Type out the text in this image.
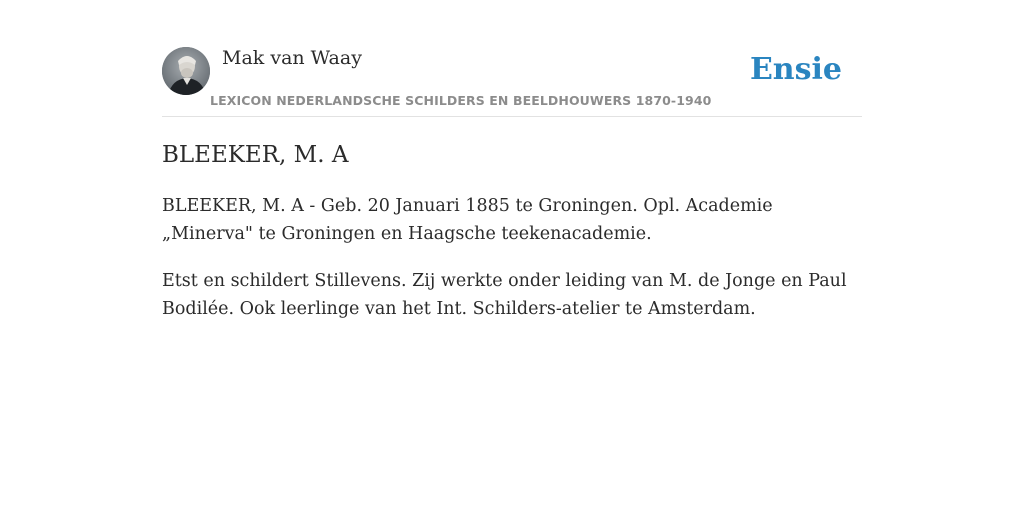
Mak van Waay
LEXICON NEDERLANDSCHE SCHILDERS EN BEELDHOUWERS 1870-1940
Ensie
BLEEKER, M. A

BLEEKER, M. A - Geb. 20 Januari 1885 te Groningen. Opl. Academie „Minerva" te Groningen en Haagsche teekenacademie.

Etst en schildert Stillevens. Zij werkte onder leiding van M. de Jonge en Paul Bodilée. Ook leerlinge van het Int. Schilders-atelier te Amsterdam.
